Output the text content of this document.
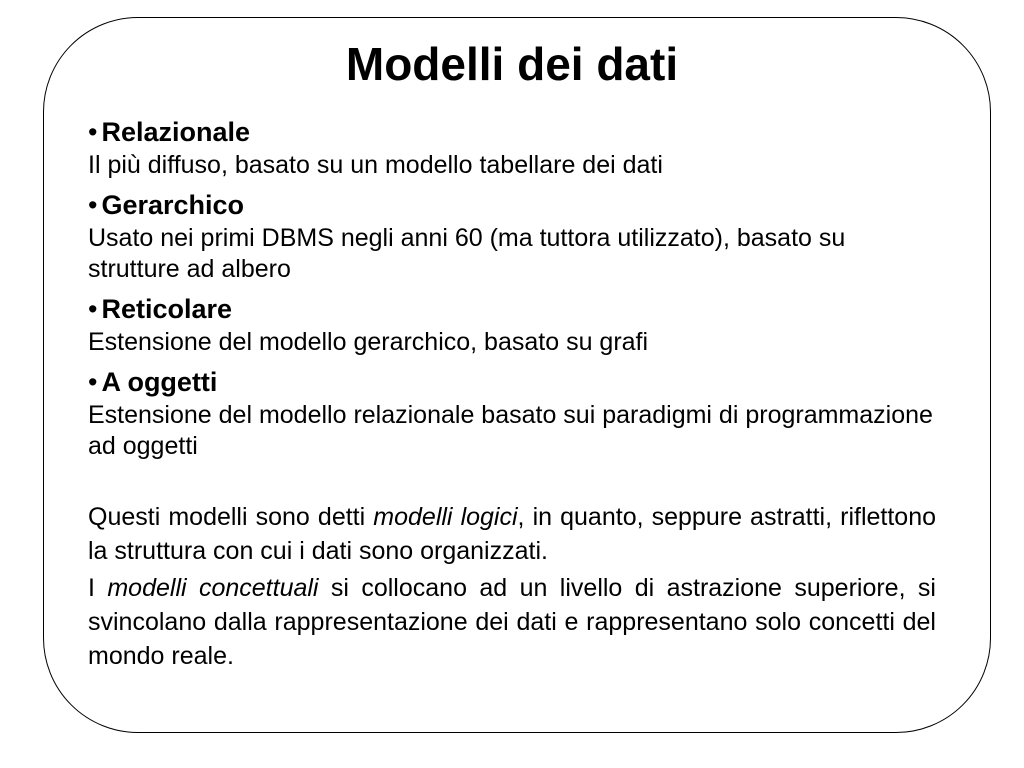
Modelli dei dati
• Relazionale
Il più diffuso, basato su un modello tabellare dei dati
• Gerarchico
Usato nei primi DBMS negli anni 60 (ma tuttora utilizzato), basato su strutture ad albero
• Reticolare
Estensione del modello gerarchico, basato su grafi
• A oggetti
Estensione del modello relazionale basato sui paradigmi di programmazione ad oggetti

Questi modelli sono detti modelli logici, in quanto, seppure astratti, riflettono la struttura con cui i dati sono organizzati.

I modelli concettuali si collocano ad un livello di astrazione superiore, si svincolano dalla rappresentazione dei dati e rappresentano solo concetti del mondo reale.
